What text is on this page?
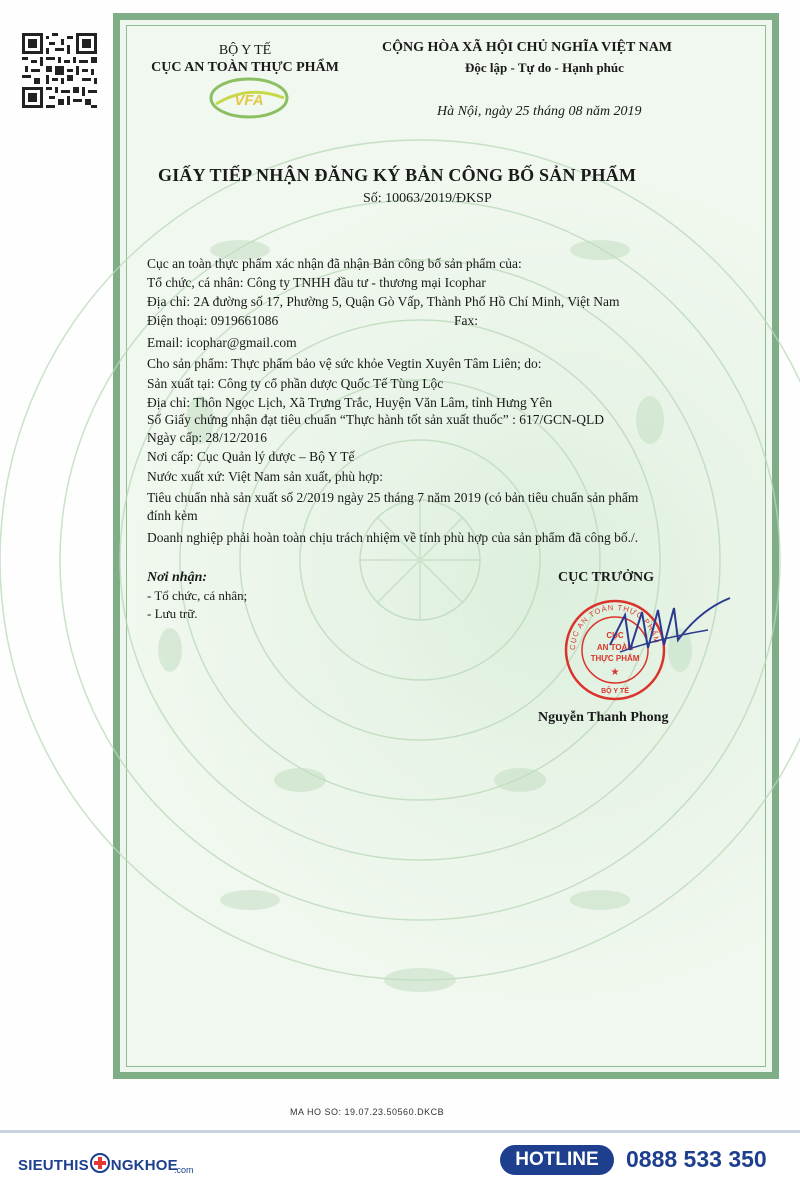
BỘ Y TẾ
CỤC AN TOÀN THỰC PHẨM
VFA
CỘNG HÒA XÃ HỘI CHỦ NGHĨA VIỆT NAM
Độc lập - Tự do - Hạnh phúc
Hà Nội, ngày 25 tháng 08 năm 2019
GIẤY TIẾP NHẬN ĐĂNG KÝ BẢN CÔNG BỐ SẢN PHẨM
Số: 10063/2019/ĐKSP
Cục an toàn thực phẩm xác nhận đã nhận Bản công bố sản phẩm của:
Tổ chức, cá nhân: Công ty TNHH đầu tư - thương mại Icophar
Địa chỉ: 2A đường số 17, Phường 5, Quận Gò Vấp, Thành Phố Hồ Chí Minh, Việt Nam
Điện thoại: 0919661086	Fax:
Email: icophar@gmail.com
Cho sản phẩm: Thực phẩm bảo vệ sức khỏe Vegtin Xuyên Tâm Liên; do:
Sản xuất tại: Công ty cổ phần dược Quốc Tế Tùng Lộc
Địa chỉ: Thôn Ngọc Lịch, Xã Trưng Trắc, Huyện Văn Lâm, tỉnh Hưng Yên
Số Giấy chứng nhận đạt tiêu chuẩn “Thực hành tốt sản xuất thuốc” : 617/GCN-QLD
Ngày cấp: 28/12/2016
Nơi cấp: Cục Quản lý dược – Bộ Y Tế
Nước xuất xứ: Việt Nam sản xuất, phù hợp:
Tiêu chuẩn nhà sản xuất số 2/2019 ngày 25 tháng 7 năm 2019 (có bản tiêu chuẩn sản phẩm
đính kèm
Doanh nghiệp phải hoàn toàn chịu trách nhiệm về tính phù hợp của sản phẩm đã công bố./.
Nơi nhận:
- Tổ chức, cá nhân;
- Lưu trữ.
CỤC TRƯỞNG
CỤC AN TOÀN THỰC PHẨM
CỤC
AN TOÀN
THỰC PHẨM
★
BỘ Y TẾ
Nguyễn Thanh Phong
MA HO SO: 19.07.23.50560.DKCB
SIEUTHIS NGKHOE
.com	HOTLINE	0888 533 350
